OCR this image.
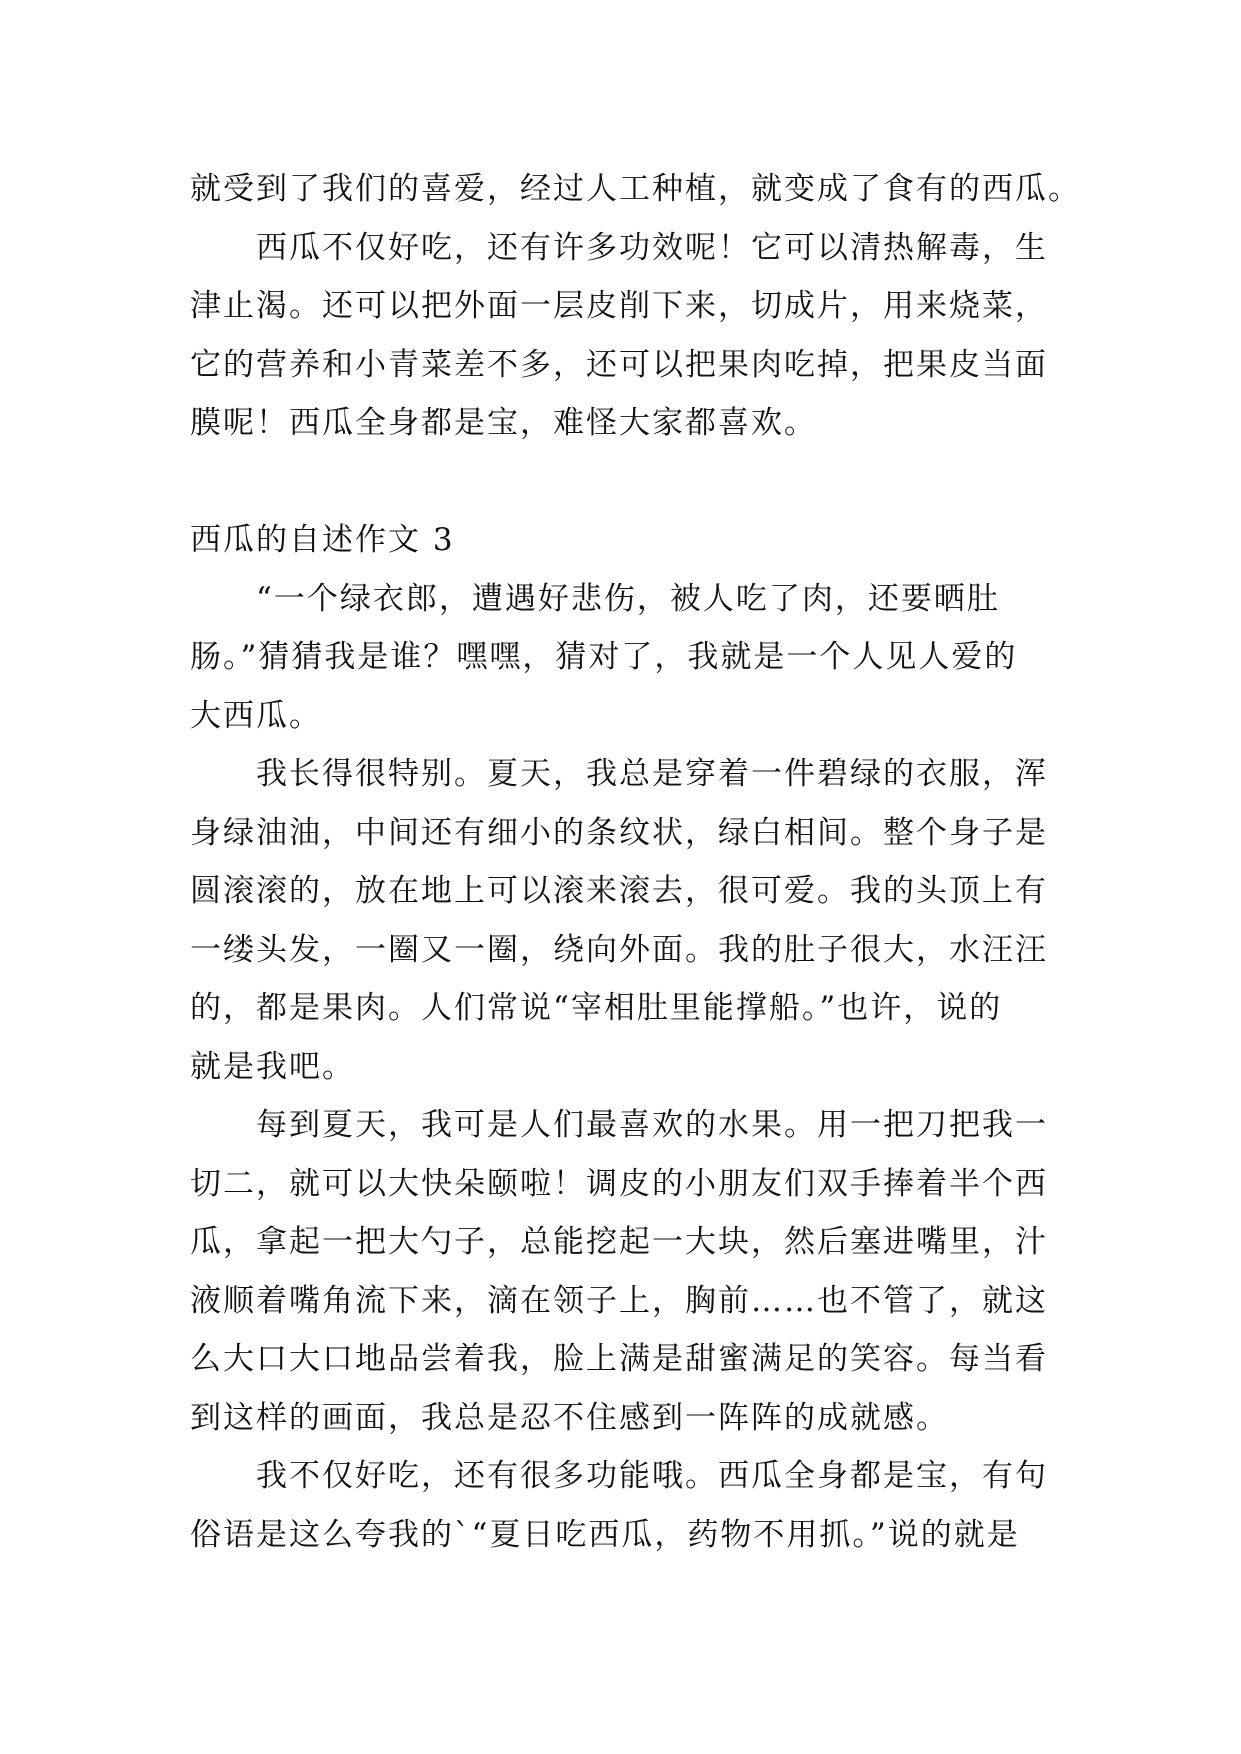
就受到了我们的喜爱，经过人工种植，就变成了食有的西瓜。
西瓜不仅好吃，还有许多功效呢！它可以清热解毒，生
津止渴。还可以把外面一层皮削下来，切成片，用来烧菜，
它的营养和小青菜差不多，还可以把果肉吃掉，把果皮当面
膜呢！西瓜全身都是宝，难怪大家都喜欢。
西瓜的自述作文 3
“一个绿衣郎，遭遇好悲伤，被人吃了肉，还要晒肚
肠。”猜猜我是谁？嘿嘿，猜对了，我就是一个人见人爱的
大西瓜。
我长得很特别。夏天，我总是穿着一件碧绿的衣服，浑
身绿油油，中间还有细小的条纹状，绿白相间。整个身子是
圆滚滚的，放在地上可以滚来滚去，很可爱。我的头顶上有
一缕头发，一圈又一圈，绕向外面。我的肚子很大，水汪汪
的，都是果肉。人们常说“宰相肚里能撑船。”也许，说的
就是我吧。
每到夏天，我可是人们最喜欢的水果。用一把刀把我一
切二，就可以大快朵颐啦！调皮的小朋友们双手捧着半个西
瓜，拿起一把大勺子，总能挖起一大块，然后塞进嘴里，汁
液顺着嘴角流下来，滴在领子上，胸前……也不管了，就这
么大口大口地品尝着我，脸上满是甜蜜满足的笑容。每当看
到这样的画面，我总是忍不住感到一阵阵的成就感。
我不仅好吃，还有很多功能哦。西瓜全身都是宝，有句
俗语是这么夸我的`“夏日吃西瓜，药物不用抓。”说的就是
